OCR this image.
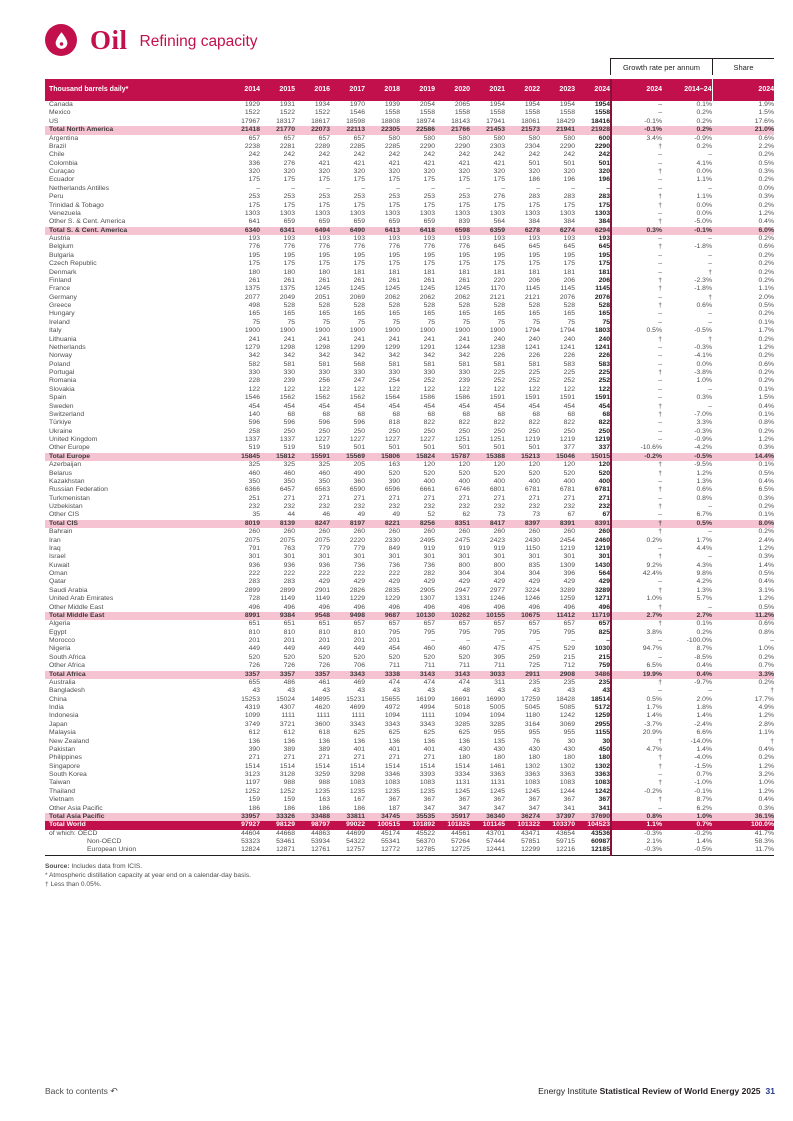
Oil Refining capacity
Growth rate per annum	Share
Thousand barrels daily*	2014	2015	2016	2017	2018	2019	2020	2021	2022	2023	2024	2024	2014–24	2024
Canada	1929	1931	1934	1970	1939	2054	2065	1954	1954	1954	1954	–	0.1%	1.9%
Mexico	1522	1522	1522	1546	1558	1558	1558	1558	1558	1558	1558	–	0.2%	1.5%
US	17967	18317	18617	18598	18808	18974	18143	17941	18061	18429	18416	-0.1%	0.2%	17.6%
Total North America	21418	21770	22073	22113	22305	22586	21766	21453	21573	21941	21928	-0.1%	0.2%	21.0%
Argentina	657	657	657	657	580	580	580	580	580	580	600	3.4%	-0.9%	0.6%
Brazil	2238	2281	2289	2285	2285	2290	2290	2303	2304	2290	2290	†	0.2%	2.2%
Chile	242	242	242	242	242	242	242	242	242	242	242	–	–	0.2%
Colombia	336	276	421	421	421	421	421	421	501	501	501	–	4.1%	0.5%
Curaçao	320	320	320	320	320	320	320	320	320	320	320	†	0.0%	0.3%
Ecuador	175	175	175	175	175	175	175	175	186	196	196	–	1.1%	0.2%
Netherlands Antilles	–	–	–	–	–	–	–	–	–	–	–	–	–	0.0%
Peru	253	253	253	253	253	253	253	276	283	283	283	†	1.1%	0.3%
Trinidad & Tobago	175	175	175	175	175	175	175	175	175	175	175	†	0.0%	0.2%
Venezuela	1303	1303	1303	1303	1303	1303	1303	1303	1303	1303	1303	–	0.0%	1.2%
Other S. & Cent. America	641	659	659	659	659	659	839	564	384	384	384	†	-5.0%	0.4%
Total S. & Cent. America	6340	6341	6494	6490	6413	6418	6598	6359	6278	6274	6294	0.3%	-0.1%	6.0%
Austria	193	193	193	193	193	193	193	193	193	193	193	–	–	0.2%
Belgium	776	776	776	776	776	776	776	645	645	645	645	†	-1.8%	0.6%
Bulgaria	195	195	195	195	195	195	195	195	195	195	195	–	–	0.2%
Czech Republic	175	175	175	175	175	175	175	175	175	175	175	–	–	0.2%
Denmark	180	180	180	181	181	181	181	181	181	181	181	–	†	0.2%
Finland	261	261	261	261	261	261	261	220	206	206	206	†	-2.3%	0.2%
France	1375	1375	1245	1245	1245	1245	1245	1170	1145	1145	1145	†	-1.8%	1.1%
Germany	2077	2049	2051	2069	2062	2062	2062	2121	2121	2076	2076	–	†	2.0%
Greece	498	528	528	528	528	528	528	528	528	528	528	†	0.6%	0.5%
Hungary	165	165	165	165	165	165	165	165	165	165	165	–	–	0.2%
Ireland	75	75	75	75	75	75	75	75	75	75	75	–	–	0.1%
Italy	1900	1900	1900	1900	1900	1900	1900	1900	1794	1794	1803	0.5%	-0.5%	1.7%
Lithuania	241	241	241	241	241	241	241	240	240	240	240	†	†	0.2%
Netherlands	1279	1298	1298	1299	1299	1291	1244	1238	1241	1241	1241	–	-0.3%	1.2%
Norway	342	342	342	342	342	342	342	226	226	226	226	–	-4.1%	0.2%
Poland	582	581	581	568	581	581	581	581	581	583	583	–	0.0%	0.6%
Portugal	330	330	330	330	330	330	330	225	225	225	225	†	-3.8%	0.2%
Romania	228	239	256	247	254	252	239	252	252	252	252	–	1.0%	0.2%
Slovakia	122	122	122	122	122	122	122	122	122	122	122	–	–	0.1%
Spain	1546	1562	1562	1562	1564	1586	1586	1591	1591	1591	1591	–	0.3%	1.5%
Sweden	454	454	454	454	454	454	454	454	454	454	454	†	–	0.4%
Switzerland	140	68	68	68	68	68	68	68	68	68	68	†	-7.0%	0.1%
Türkiye	596	596	596	596	818	822	822	822	822	822	822	–	3.3%	0.8%
Ukraine	258	250	250	250	250	250	250	250	250	250	250	–	-0.3%	0.2%
United Kingdom	1337	1337	1227	1227	1227	1227	1251	1251	1219	1219	1219	–	-0.9%	1.2%
Other Europe	519	519	519	501	501	501	501	501	501	377	337	-10.6%	-4.2%	0.3%
Total Europe	15845	15812	15591	15569	15806	15824	15787	15388	15213	15046	15015	-0.2%	-0.5%	14.4%
Azerbaijan	325	325	325	205	163	120	120	120	120	120	120	†	-9.5%	0.1%
Belarus	460	460	460	490	520	520	520	520	520	520	520	†	1.2%	0.5%
Kazakhstan	350	350	350	360	390	400	400	400	400	400	400	–	1.3%	0.4%
Russian Federation	6366	6457	6563	6590	6596	6661	6746	6801	6781	6781	6781	†	0.6%	6.5%
Turkmenistan	251	271	271	271	271	271	271	271	271	271	271	–	0.8%	0.3%
Uzbekistan	232	232	232	232	232	232	232	232	232	232	232	†	–	0.2%
Other CIS	35	44	46	49	49	52	62	73	73	67	67	–	6.7%	0.1%
Total CIS	8019	8139	8247	8197	8221	8256	8351	8417	8397	8391	8391	†	0.5%	8.0%
Bahrain	260	260	260	260	260	260	260	260	260	260	260	†	–	0.2%
Iran	2075	2075	2075	2220	2330	2495	2475	2423	2430	2454	2460	0.2%	1.7%	2.4%
Iraq	791	763	779	779	849	919	919	919	1150	1219	1219	–	4.4%	1.2%
Israel	301	301	301	301	301	301	301	301	301	301	301	†	–	0.3%
Kuwait	936	936	936	736	736	736	800	800	835	1309	1430	9.2%	4.3%	1.4%
Oman	222	222	222	222	222	282	304	304	304	396	564	42.4%	9.8%	0.5%
Qatar	283	283	429	429	429	429	429	429	429	429	429	–	4.2%	0.4%
Saudi Arabia	2899	2899	2901	2826	2835	2905	2947	2977	3224	3289	3289	†	1.3%	3.1%
United Arab Emirates	728	1149	1149	1229	1229	1307	1331	1246	1246	1259	1271	1.0%	5.7%	1.2%
Other Middle East	496	496	496	496	496	496	496	496	496	496	496	†	–	0.5%
Total Middle East	8991	9384	9548	9498	9687	10130	10262	10155	10675	11412	11719	2.7%	2.7%	11.2%
Algeria	651	651	651	657	657	657	657	657	657	657	657	†	0.1%	0.6%
Egypt	810	810	810	810	795	795	795	795	795	795	825	3.8%	0.2%	0.8%
Morocco	201	201	201	201	201	–	–	–	–	–	–	–	-100.0%	–
Nigeria	449	449	449	449	454	460	460	475	475	529	1030	94.7%	8.7%	1.0%
South Africa	520	520	520	520	520	520	520	395	259	215	215	–	-8.5%	0.2%
Other Africa	726	726	726	706	711	711	711	711	725	712	759	6.5%	0.4%	0.7%
Total Africa	3357	3357	3357	3343	3338	3143	3143	3033	2911	2908	3486	19.9%	0.4%	3.3%
Australia	655	486	461	469	474	474	474	311	235	235	235	†	-9.7%	0.2%
Bangladesh	43	43	43	43	43	43	48	43	43	43	43	–	–	†
China	15253	15024	14895	15231	15655	16199	16691	16990	17259	18428	18514	0.5%	2.0%	17.7%
India	4319	4307	4620	4699	4972	4994	5018	5005	5045	5085	5172	1.7%	1.8%	4.9%
Indonesia	1099	1111	1111	1111	1094	1111	1094	1094	1180	1242	1259	1.4%	1.4%	1.2%
Japan	3749	3721	3600	3343	3343	3343	3285	3285	3164	3069	2955	-3.7%	-2.4%	2.8%
Malaysia	612	612	618	625	625	625	625	955	955	955	1155	20.9%	6.6%	1.1%
New Zealand	136	136	136	136	136	136	136	135	76	30	30	†	-14.0%	†
Pakistan	390	389	389	401	401	401	430	430	430	430	450	4.7%	1.4%	0.4%
Philippines	271	271	271	271	271	271	180	180	180	180	180	†	-4.0%	0.2%
Singapore	1514	1514	1514	1514	1514	1514	1514	1461	1302	1302	1302	†	-1.5%	1.2%
South Korea	3123	3128	3259	3298	3346	3393	3334	3363	3363	3363	3363	–	0.7%	3.2%
Taiwan	1197	988	988	1083	1083	1083	1131	1131	1083	1083	1083	†	-1.0%	1.0%
Thailand	1252	1252	1235	1235	1235	1235	1245	1245	1245	1244	1242	-0.2%	-0.1%	1.2%
Vietnam	159	159	163	167	367	367	367	367	367	367	367	†	8.7%	0.4%
Other Asia Pacific	186	186	186	186	187	347	347	347	347	341	341	–	6.2%	0.3%
Total Asia Pacific	33957	33326	33488	33811	34745	35535	35917	36340	36274	37397	37690	0.8%	1.0%	36.1%
Total World	97927	98129	98797	99022	100515	101892	101825	101145	101322	103370	104523	1.1%	0.7%	100.0%
of which: OECD	44604	44668	44863	44699	45174	45522	44561	43701	43471	43654	43536	-0.3%	-0.2%	41.7%
Non-OECD	53323	53461	53934	54322	55341	56370	57264	57444	57851	59715	60987	2.1%	1.4%	58.3%
European Union	12824	12871	12761	12757	12772	12785	12725	12441	12299	12216	12185	-0.3%	-0.5%	11.7%
Source: Includes data from ICIS.
* Atmospheric distillation capacity at year end on a calendar-day basis.
† Less than 0.05%.
Back to contents ↶	Energy Institute Statistical Review of World Energy 2025 31
